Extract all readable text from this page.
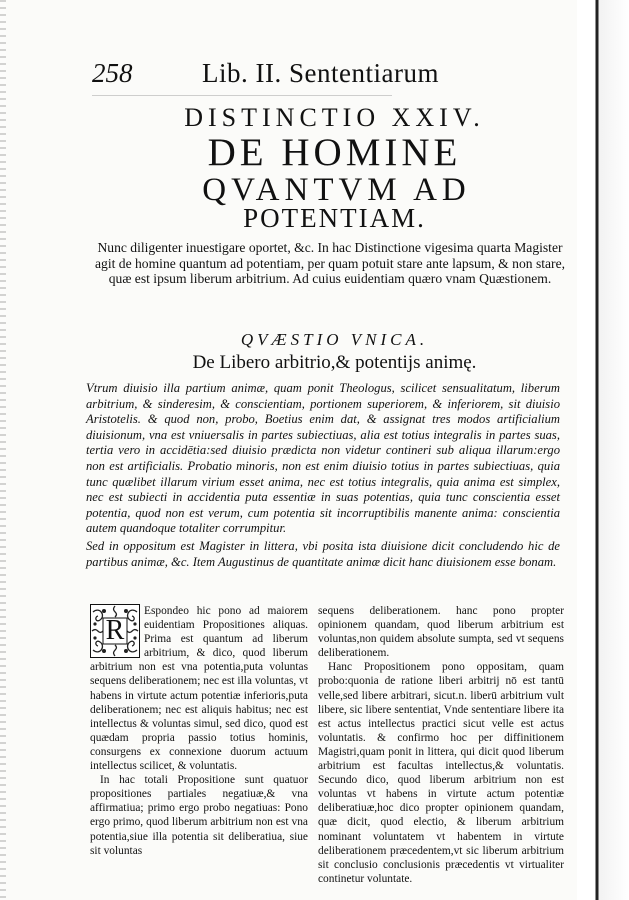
258	Lib. II. Sententiarum
DISTINCTIO XXIV.
DE HOMINE
QVANTVM AD
POTENTIAM.
Nunc diligenter inuestigare oportet, &c. In hac Distinctione vigesima quarta Magister agit de homine quantum ad potentiam, per quam potuit stare ante lapsum, & non stare, quæ est ipsum liberum arbitrium. Ad cuius euidentiam quæro vnam Quæstionem.
QVÆSTIO VNICA.
De Libero arbitrio,& potentijs animę.

Vtrum diuisio illa partium animæ, quam ponit Theologus, scilicet sensualitatum, liberum arbitrium, & sinderesim, & conscientiam, portionem superiorem, & inferiorem, sit diuisio Aristotelis. & quod non, probo, Boetius enim dat, & assignat tres modos artificialium diuisionum, vna est vniuersalis in partes subiectiuas, alia est totius integralis in partes suas, tertia vero in accidētia:sed diuisio prædicta non videtur contineri sub aliqua illarum:ergo non est artificialis. Probatio minoris, non est enim diuisio totius in partes subiectiuas, quia tunc quælibet illarum virium esset anima, nec est totius integralis, quia anima est simplex, nec est subiecti in accidentia puta essentiæ in suas potentias, quia tunc conscientia esset potentia, quod non est verum, cum potentia sit incorruptibilis manente anima: conscientia autem quandoque totaliter corrumpitur.

Sed in oppositum est Magister in littera, vbi posita ista diuisione dicit concludendo hic de partibus animæ, &c. Item Augustinus de quantitate animæ dicit hanc diuisionem esse bonam.

R

Espondeo hic pono ad maiorem euidentiam Propositiones aliquas. Prima est quantum ad liberum arbitrium, & dico, quod liberum arbitrium non est vna potentia,puta voluntas sequens deliberationem; nec est illa voluntas, vt habens in virtute actum potentiæ inferioris,puta deliberationem; nec est aliquis habitus; nec est intellectus & voluntas simul, sed dico, quod est quædam propria passio totius hominis, consurgens ex connexione duorum actuum intellectus scilicet, & voluntatis.

In hac totali Propositione sunt quatuor propositiones partiales negatiuæ,& vna affirmatiua; primo ergo probo negatiuas: Pono ergo primo, quod liberum arbitrium non est vna potentia,siue illa potentia sit deliberatiua, siue sit voluntas

sequens deliberationem. hanc pono propter opinionem quandam, quod liberum arbitrium est voluntas,non quidem absolute sumpta, sed vt sequens deliberationem.

Hanc Propositionem pono oppositam, quam probo:quonia de ratione liberi arbitrij nō est tantū velle,sed libere arbitrari, sicut.n. liberū arbitrium vult libere, sic libere sententiat, Vnde sententiare libere ita est actus intellectus practici sicut velle est actus voluntatis. & confirmo hoc per diffinitionem Magistri,quam ponit in littera, qui dicit quod liberum arbitrium est facultas intellectus,& voluntatis. Secundo dico, quod liberum arbitrium non est voluntas vt habens in virtute actum potentiæ deliberatiuæ,hoc dico propter opinionem quandam, quæ dicit, quod electio, & liberum arbitrium nominant voluntatem vt habentem in virtute deliberationem præcedentem,vt sic liberum arbitrium sit conclusio conclusionis præcedentis vt virtualiter continetur voluntate.
